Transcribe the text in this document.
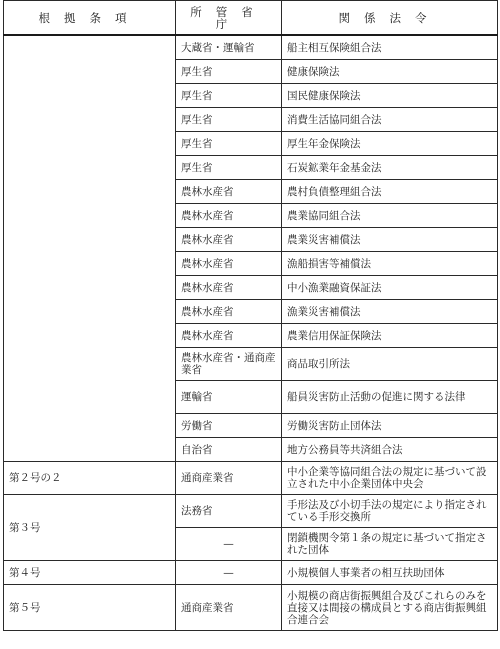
根拠条項	所管省庁	関係法令
	大蔵省・運輸省	船主相互保険組合法
	厚生省	健康保険法
	厚生省	国民健康保険法
	厚生省	消費生活協同組合法
	厚生省	厚生年金保険法
	厚生省	石炭鉱業年金基金法
	農林水産省	農村負債整理組合法
	農林水産省	農業協同組合法
	農林水産省	農業災害補償法
	農林水産省	漁船損害等補償法
	農林水産省	中小漁業融資保証法
	農林水産省	漁業災害補償法
	農林水産省	農業信用保証保険法
	農林水産省・通商産業省	商品取引所法
	運輸省	船員災害防止活動の促進に関する法律
	労働省	労働災害防止団体法
	自治省	地方公務員等共済組合法
第２号の２	通商産業省	中小企業等協同組合法の規定に基づいて設立された中小企業団体中央会
第３号	法務省	手形法及び小切手法の規定により指定されている手形交換所
	—	閉鎖機関令第１条の規定に基づいて指定された団体
第４号	—	小規模個人事業者の相互扶助団体
第５号	通商産業省	小規模の商店街振興組合及びこれらのみを直接又は間接の構成員とする商店街振興組合連合会
